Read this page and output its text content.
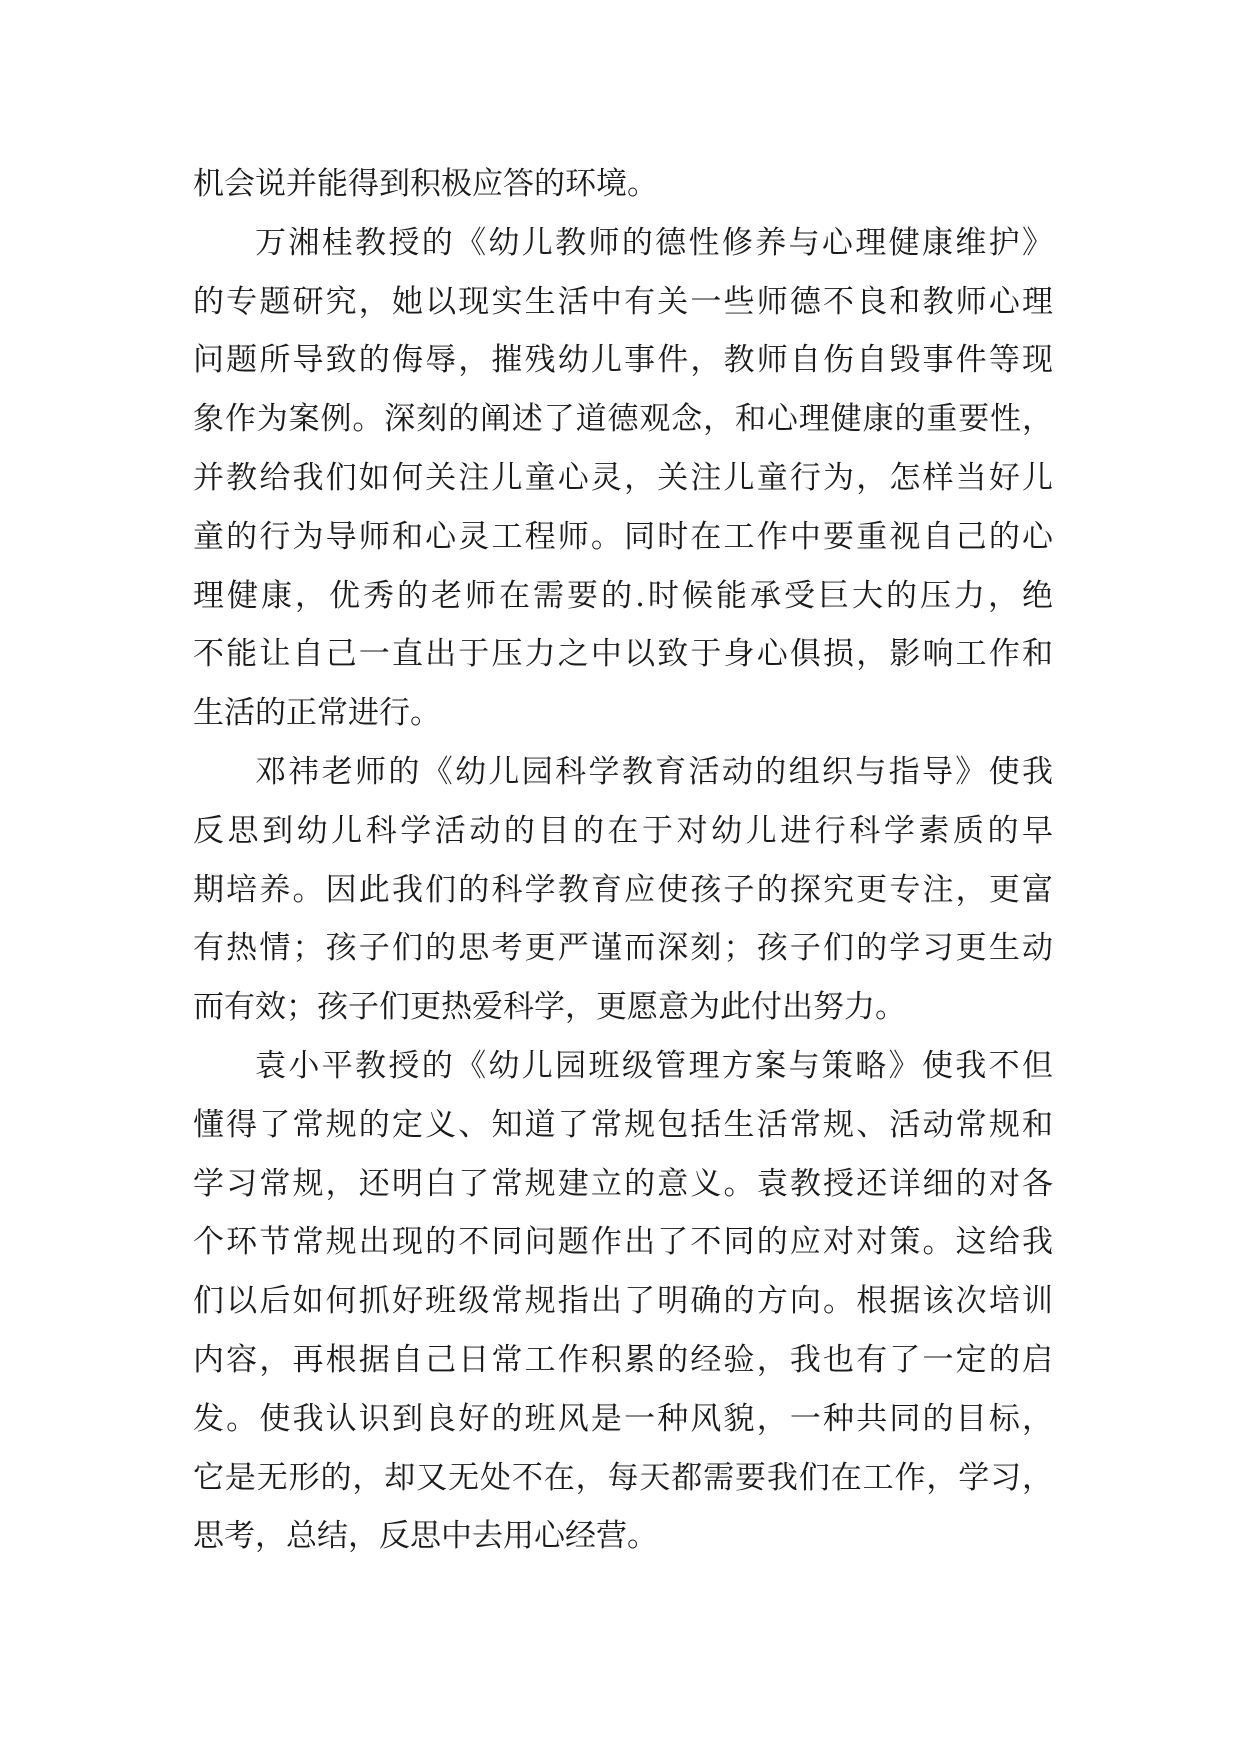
机会说并能得到积极应答的环境。
万湘桂教授的《幼儿教师的德性修养与心理健康维护》
的专题研究，她以现实生活中有关一些师德不良和教师心理
问题所导致的侮辱，摧残幼儿事件，教师自伤自毁事件等现
象作为案例。深刻的阐述了道德观念，和心理健康的重要性，
并教给我们如何关注儿童心灵，关注儿童行为，怎样当好儿
童的行为导师和心灵工程师。同时在工作中要重视自己的心
理健康，优秀的老师在需要的.时候能承受巨大的压力，绝
不能让自己一直出于压力之中以致于身心俱损，影响工作和
生活的正常进行。
邓祎老师的《幼儿园科学教育活动的组织与指导》使我
反思到幼儿科学活动的目的在于对幼儿进行科学素质的早
期培养。因此我们的科学教育应使孩子的探究更专注，更富
有热情；孩子们的思考更严谨而深刻；孩子们的学习更生动
而有效；孩子们更热爱科学，更愿意为此付出努力。
袁小平教授的《幼儿园班级管理方案与策略》使我不但
懂得了常规的定义、知道了常规包括生活常规、活动常规和
学习常规，还明白了常规建立的意义。袁教授还详细的对各
个环节常规出现的不同问题作出了不同的应对对策。这给我
们以后如何抓好班级常规指出了明确的方向。根据该次培训
内容，再根据自己日常工作积累的经验，我也有了一定的启
发。使我认识到良好的班风是一种风貌，一种共同的目标，
它是无形的，却又无处不在，每天都需要我们在工作，学习，
思考，总结，反思中去用心经营。
